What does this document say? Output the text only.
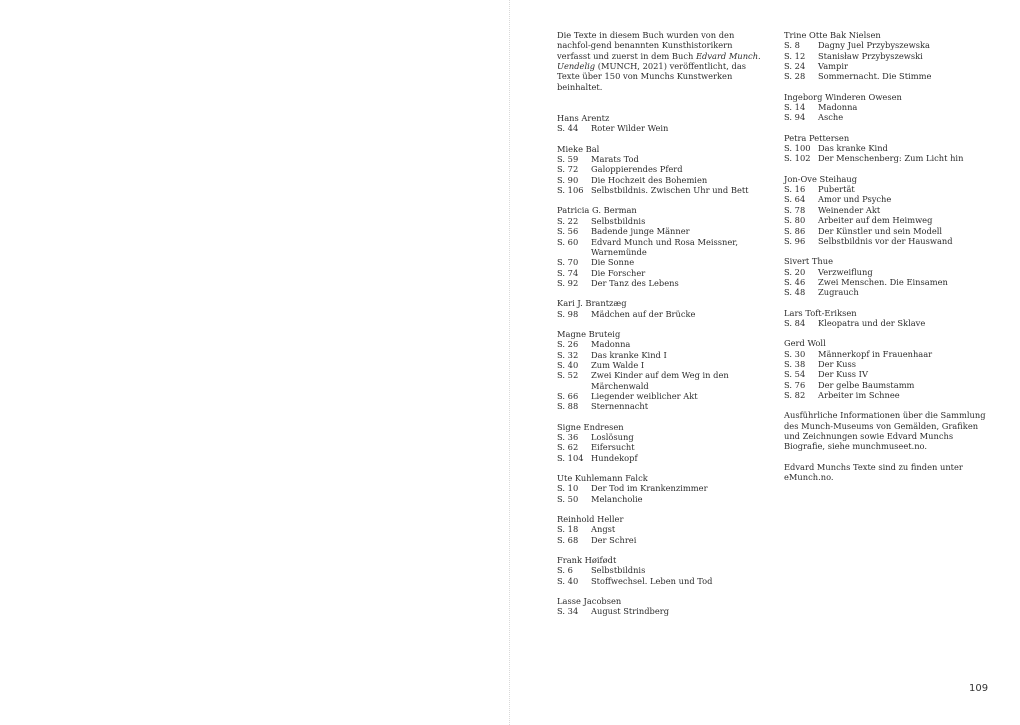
Die Texte in diesem Buch wurden von den nachfol-gend benannten Kunsthistorikern verfasst und zuerst in dem Buch Edvard Munch. Uendelig (MUNCH, 2021) veröffentlicht, das Texte über 150 von Munchs Kunstwerken beinhaltet.

Hans Arentz
S. 44	Roter Wilder Wein
Mieke Bal
S. 59	Marats Tod
S. 72	Galoppierendes Pferd
S. 90	Die Hochzeit des Bohemien
S. 106 Selbstbildnis. Zwischen Uhr und Bett
Patricia G. Berman
S. 22	Selbstbildnis
S. 56	Badende junge Männer
S. 60	Edvard Munch und Rosa Meissner, Warnemünde
S. 70	Die Sonne
S. 74	Die Forscher
S. 92	Der Tanz des Lebens
Kari J. Brantzæg
S. 98	Mädchen auf der Brücke
Magne Bruteig
S. 26	Madonna
S. 32	Das kranke Kind I
S. 40	Zum Walde I
S. 52	Zwei Kinder auf dem Weg in den Märchenwald
S. 66	Liegender weiblicher Akt
S. 88	Sternennacht
Signe Endresen
S. 36	Loslösung
S. 62	Eifersucht
S. 104 Hundekopf
Ute Kuhlemann Falck
S. 10	Der Tod im Krankenzimmer
S. 50	Melancholie
Reinhold Heller
S. 18	Angst
S. 68	Der Schrei
Frank Høifødt
S. 6	Selbstbildnis
S. 40	Stoffwechsel. Leben und Tod
Lasse Jacobsen
S. 34	August Strindberg
Trine Otte Bak Nielsen
S. 8	Dagny Juel Przybyszewska
S. 12	Stanisław Przybyszewski
S. 24	Vampir
S. 28	Sommernacht. Die Stimme
Ingeborg Winderen Owesen
S. 14	Madonna
S. 94	Asche
Petra Pettersen
S. 100 Das kranke Kind
S. 102 Der Menschenberg: Zum Licht hin
Jon-Ove Steihaug
S. 16	Pubertät
S. 64	Amor und Psyche
S. 78	Weinender Akt
S. 80	Arbeiter auf dem Heimweg
S. 86	Der Künstler und sein Modell
S. 96	Selbstbildnis vor der Hauswand
Sivert Thue
S. 20	Verzweiflung
S. 46	Zwei Menschen. Die Einsamen
S. 48	Zugrauch
Lars Toft-Eriksen
S. 84	Kleopatra und der Sklave
Gerd Woll
S. 30	Männerkopf in Frauenhaar
S. 38	Der Kuss
S. 54	Der Kuss IV
S. 76	Der gelbe Baumstamm
S. 82	Arbeiter im Schnee

Ausführliche Informationen über die Sammlung des Munch-Museums von Gemälden, Grafiken und Zeichnungen sowie Edvard Munchs Biografie, siehe munchmuseet.no.

Edvard Munchs Texte sind zu finden unter eMunch.no.

109
